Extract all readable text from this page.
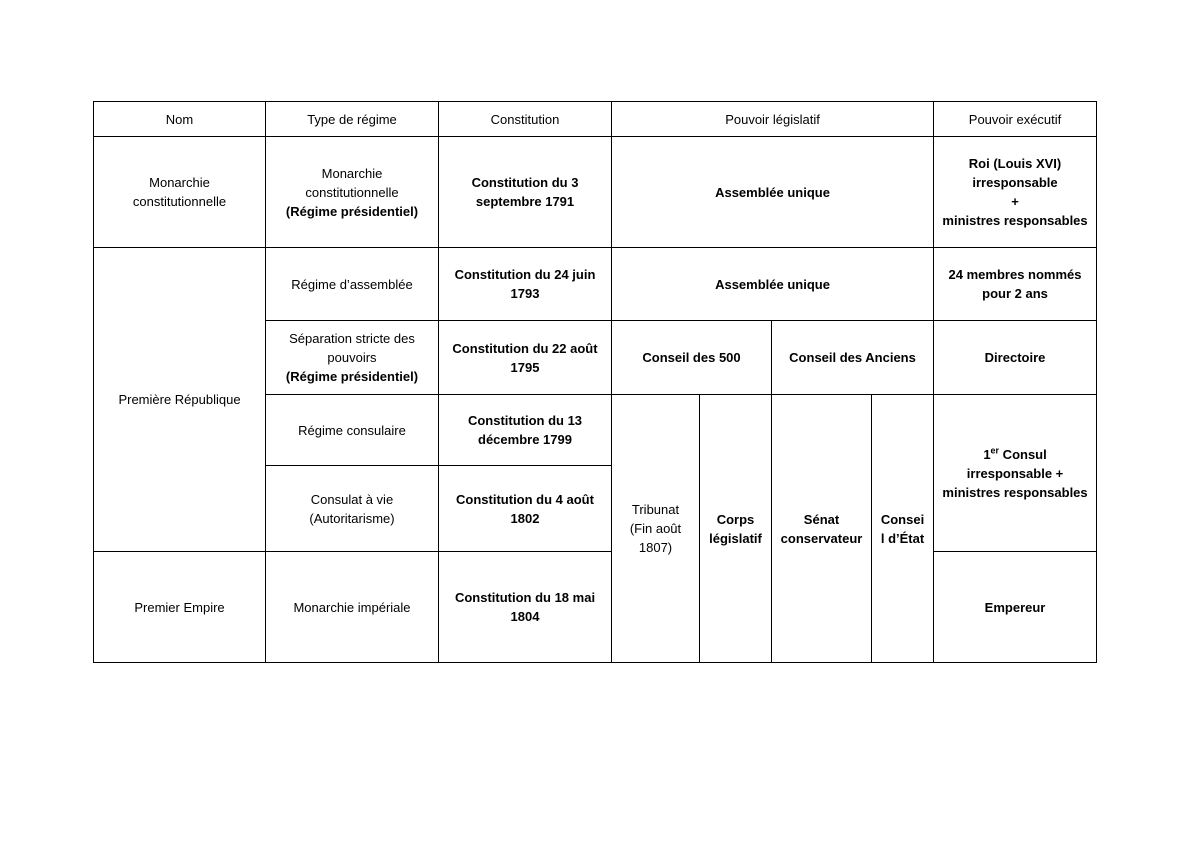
Nom	Type de régime	Constitution	Pouvoir législatif				Pouvoir exécutif

Monarchie
constitutionnelle	Monarchie
constitutionnelle
(Régime présidentiel)	Constitution du 3
septembre 1791	Assemblée unique				Roi (Louis XVI)
irresponsable
+
ministres responsables

Première République	Régime d’assemblée	Constitution du 24 juin
1793	Assemblée unique				24 membres nommés
pour 2 ans

	Séparation stricte des
pouvoirs
(Régime présidentiel)	Constitution du 22 août
1795	Conseil des 500		Conseil des Anciens		Directoire
	Régime consulaire	Constitution du 13
décembre 1799	Tribunat
(Fin août
1807)	Corps
législatif	Sénat
conservateur	Consei
l d’État	1er Consul
irresponsable +
ministres responsables

	Consulat à vie
(Autoritarisme)	Constitution du 4 août
1802					

Premier Empire	Monarchie impériale	Constitution du 18 mai
1804					Empereur
